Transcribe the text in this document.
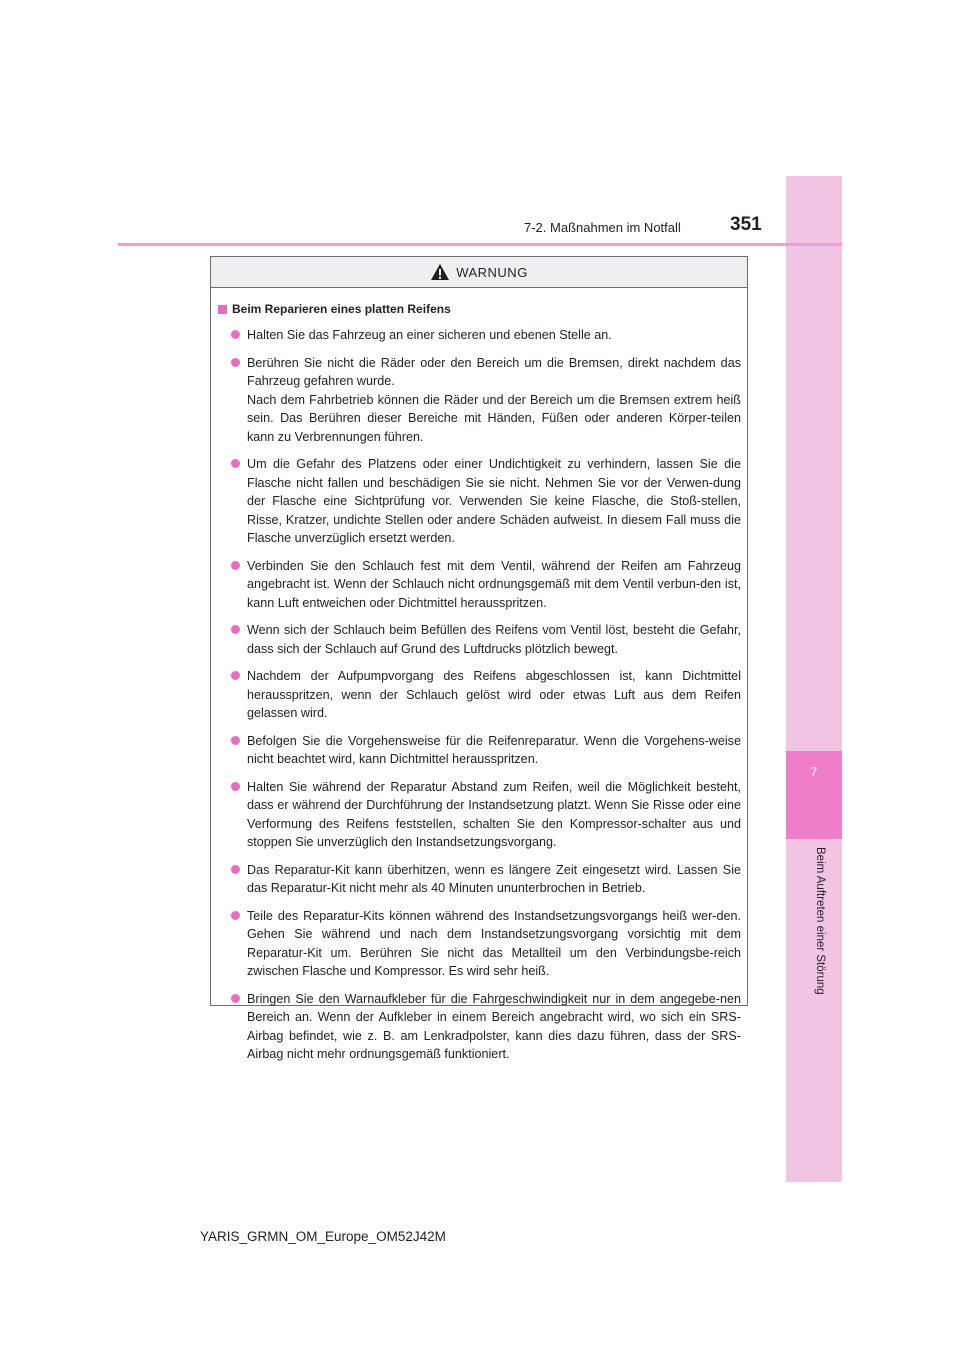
7
Beim Auftreten einer Störung
7-2. Maßnahmen im Notfall	351
WARNUNG
Beim Reparieren eines platten Reifens
Halten Sie das Fahrzeug an einer sicheren und ebenen Stelle an.
Berühren Sie nicht die Räder oder den Bereich um die Bremsen, direkt nachdem das Fahrzeug gefahren wurde.
Nach dem Fahrbetrieb können die Räder und der Bereich um die Bremsen extrem heiß sein. Das Berühren dieser Bereiche mit Händen, Füßen oder anderen Körper-teilen kann zu Verbrennungen führen.
Um die Gefahr des Platzens oder einer Undichtigkeit zu verhindern, lassen Sie die Flasche nicht fallen und beschädigen Sie sie nicht. Nehmen Sie vor der Verwen-dung der Flasche eine Sichtprüfung vor. Verwenden Sie keine Flasche, die Stoß-stellen, Risse, Kratzer, undichte Stellen oder andere Schäden aufweist. In diesem Fall muss die Flasche unverzüglich ersetzt werden.
Verbinden Sie den Schlauch fest mit dem Ventil, während der Reifen am Fahrzeug angebracht ist. Wenn der Schlauch nicht ordnungsgemäß mit dem Ventil verbun-den ist, kann Luft entweichen oder Dichtmittel herausspritzen.
Wenn sich der Schlauch beim Befüllen des Reifens vom Ventil löst, besteht die Gefahr, dass sich der Schlauch auf Grund des Luftdrucks plötzlich bewegt.
Nachdem der Aufpumpvorgang des Reifens abgeschlossen ist, kann Dichtmittel herausspritzen, wenn der Schlauch gelöst wird oder etwas Luft aus dem Reifen gelassen wird.
Befolgen Sie die Vorgehensweise für die Reifenreparatur. Wenn die Vorgehens-weise nicht beachtet wird, kann Dichtmittel herausspritzen.
Halten Sie während der Reparatur Abstand zum Reifen, weil die Möglichkeit besteht, dass er während der Durchführung der Instandsetzung platzt. Wenn Sie Risse oder eine Verformung des Reifens feststellen, schalten Sie den Kompressor-schalter aus und stoppen Sie unverzüglich den Instandsetzungsvorgang.
Das Reparatur-Kit kann überhitzen, wenn es längere Zeit eingesetzt wird. Lassen Sie das Reparatur-Kit nicht mehr als 40 Minuten ununterbrochen in Betrieb.
Teile des Reparatur-Kits können während des Instandsetzungsvorgangs heiß wer-den. Gehen Sie während und nach dem Instandsetzungsvorgang vorsichtig mit dem Reparatur-Kit um. Berühren Sie nicht das Metallteil um den Verbindungsbe-reich zwischen Flasche und Kompressor. Es wird sehr heiß.
Bringen Sie den Warnaufkleber für die Fahrgeschwindigkeit nur in dem angegebe-nen Bereich an. Wenn der Aufkleber in einem Bereich angebracht wird, wo sich ein SRS-Airbag befindet, wie z. B. am Lenkradpolster, kann dies dazu führen, dass der SRS-Airbag nicht mehr ordnungsgemäß funktioniert.
YARIS_GRMN_OM_Europe_OM52J42M
